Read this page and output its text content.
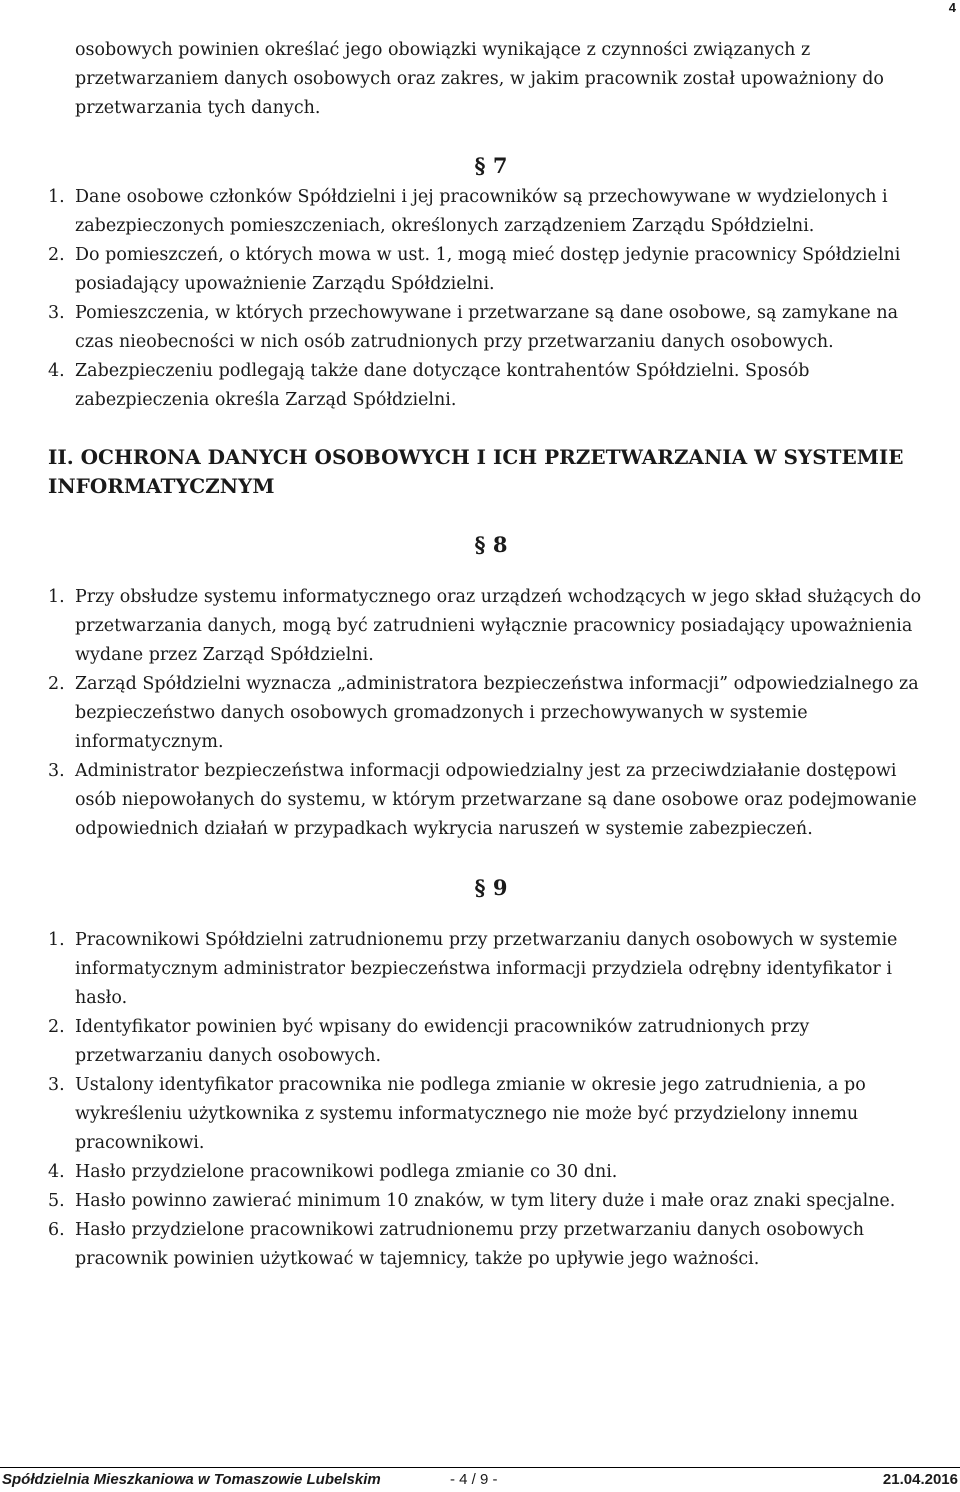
4

osobowych powinien określać jego obowiązki wynikające z czynności związanych z przetwarzaniem danych osobowych oraz zakres, w jakim pracownik został upoważniony do przetwarzania tych danych.

§ 7

1. Dane osobowe członków Spółdzielni i jej pracowników są przechowywane w wydzielonych i zabezpieczonych pomieszczeniach, określonych zarządzeniem Zarządu Spółdzielni.
2. Do pomieszczeń, o których mowa w ust. 1, mogą mieć dostęp jedynie pracownicy Spółdzielni posiadający upoważnienie Zarządu Spółdzielni.
3. Pomieszczenia, w których przechowywane i przetwarzane są dane osobowe, są zamykane na czas nieobecności w nich osób zatrudnionych przy przetwarzaniu danych osobowych.
4. Zabezpieczeniu podlegają także dane dotyczące kontrahentów Spółdzielni. Sposób zabezpieczenia określa Zarząd Spółdzielni.
II. OCHRONA DANYCH OSOBOWYCH I ICH PRZETWARZANIA W SYSTEMIE INFORMATYCZNYM

§ 8

1. Przy obsłudze systemu informatycznego oraz urządzeń wchodzących w jego skład służących do przetwarzania danych, mogą być zatrudnieni wyłącznie pracownicy posiadający upoważnienia wydane przez Zarząd Spółdzielni.
2. Zarząd Spółdzielni wyznacza „administratora bezpieczeństwa informacji” odpowiedzialnego za bezpieczeństwo danych osobowych gromadzonych i przechowywanych w systemie informatycznym.
3. Administrator bezpieczeństwa informacji odpowiedzialny jest za przeciwdziałanie dostępowi osób niepowołanych do systemu, w którym przetwarzane są dane osobowe oraz podejmowanie odpowiednich działań w przypadkach wykrycia naruszeń w systemie zabezpieczeń.

§ 9

1. Pracownikowi Spółdzielni zatrudnionemu przy przetwarzaniu danych osobowych w systemie informatycznym administrator bezpieczeństwa informacji przydziela odrębny identyfikator i hasło.
2. Identyfikator powinien być wpisany do ewidencji pracowników zatrudnionych przy przetwarzaniu danych osobowych.
3. Ustalony identyfikator pracownika nie podlega zmianie w okresie jego zatrudnienia, a po wykreśleniu użytkownika z systemu informatycznego nie może być przydzielony innemu pracownikowi.
4. Hasło przydzielone pracownikowi podlega zmianie co 30 dni.
5. Hasło powinno zawierać minimum 10 znaków, w tym litery duże i małe oraz znaki specjalne.
6. Hasło przydzielone pracownikowi zatrudnionemu przy przetwarzaniu danych osobowych pracownik powinien użytkować w tajemnicy, także po upływie jego ważności.
Spółdzielnia Mieszkaniowa w Tomaszowie Lubelskim	- 4 / 9 -	21.04.2016
